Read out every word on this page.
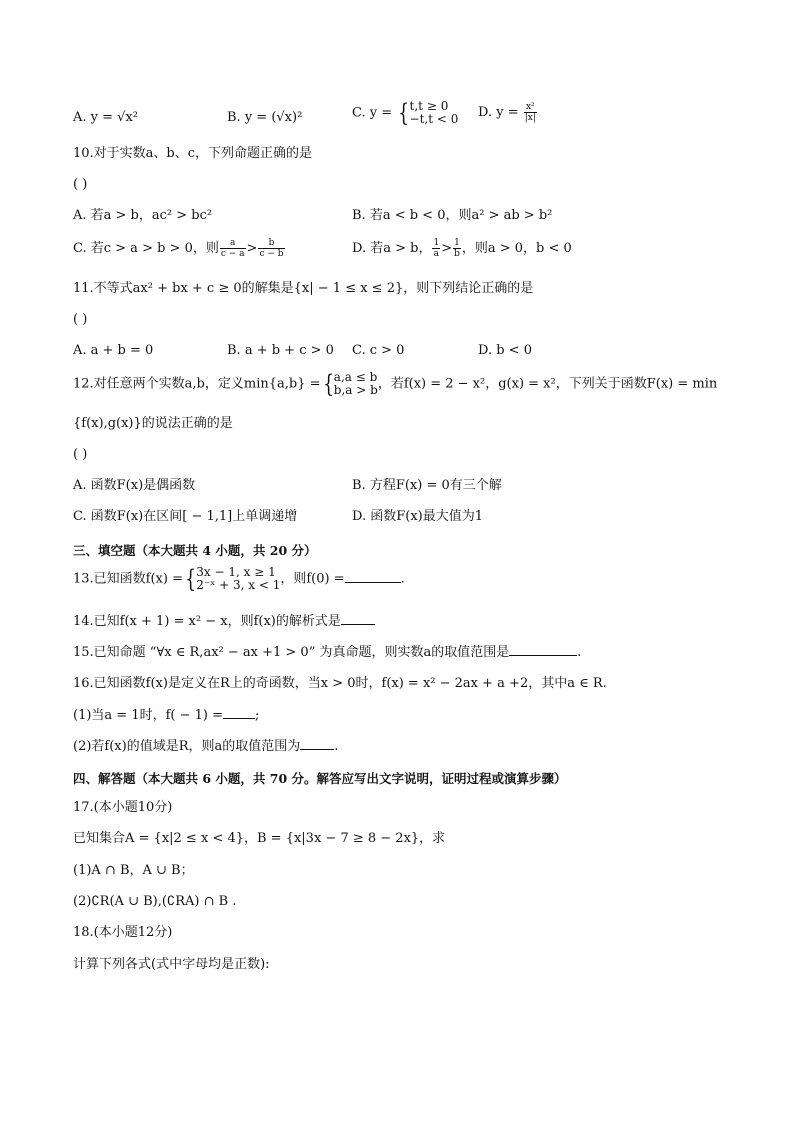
A. y = √x²	B. y = (√x)²	C. y = { t,t ≥ 0
−t,t < 0 D. $y = \frac{\text{x²}}{|x|}$
10.对于实数a、b、c，下列命题正确的是
( )
A. 若a > b，ac² > bc²	B. 若a < b < 0，则a² > ab > b²
C. 若c > a > b > 0，则 $\frac{a}{c - a} > \frac{b}{c - b}$	D. 若a > b， $\frac{1}{a} > \frac{1}{b}$ ，则a > 0，b < 0
11.不等式ax² + bx + c ≥ 0的解集是{x| − 1 ≤ x ≤ 2}，则下列结论正确的是
( )
A. a + b = 0	B. a + b + c > 0 C. c > 0	D. b < 0
12.对任意两个实数a,b，定义min{a,b} ={ a,a ≤ b
b,a > b ，若f(x) = 2 − x²，g(x) = x²，下列关于函数F(x) = min
{f(x),g(x)}的说法正确的是
( )
A. 函数F(x)是偶函数	B. 方程F(x) = 0有三个解
C. 函数F(x)在区间[ − 1,1]上单调递增	D. 函数F(x)最大值为1
三、填空题（本大题共 4 小题，共 20 分）
13.已知函数f(x) ={ 3x − 1, x ≥ 1
2⁻ˣ + 3, x < 1 ，则f(0) =	.
14.已知f(x + 1) = x² − x，则f(x)的解析式是
15.已知命题 “∀x ∈ R,ax² − ax +1 > 0” 为真命题，则实数a的取值范围是	.
16.已知函数f(x)是定义在R上的奇函数，当x > 0时，f(x) = x² − 2ax + a +2，其中a ∈ R.
(1)当a = 1时，f( − 1) = ;
(2)若f(x)的值域是R，则a的取值范围为	.
四、解答题（本大题共 6 小题，共 70 分。解答应写出文字说明，证明过程或演算步骤）
17.(本小题10分)
已知集合A = {x|2 ≤ x < 4}，B = {x|3x − 7 ≥ 8 − 2x}，求
(1)A ∩ B，A ∪ B；
(2)∁R(A ∪ B),(∁RA) ∩ B .
18.(本小题12分)
计算下列各式(式中字母均是正数):
